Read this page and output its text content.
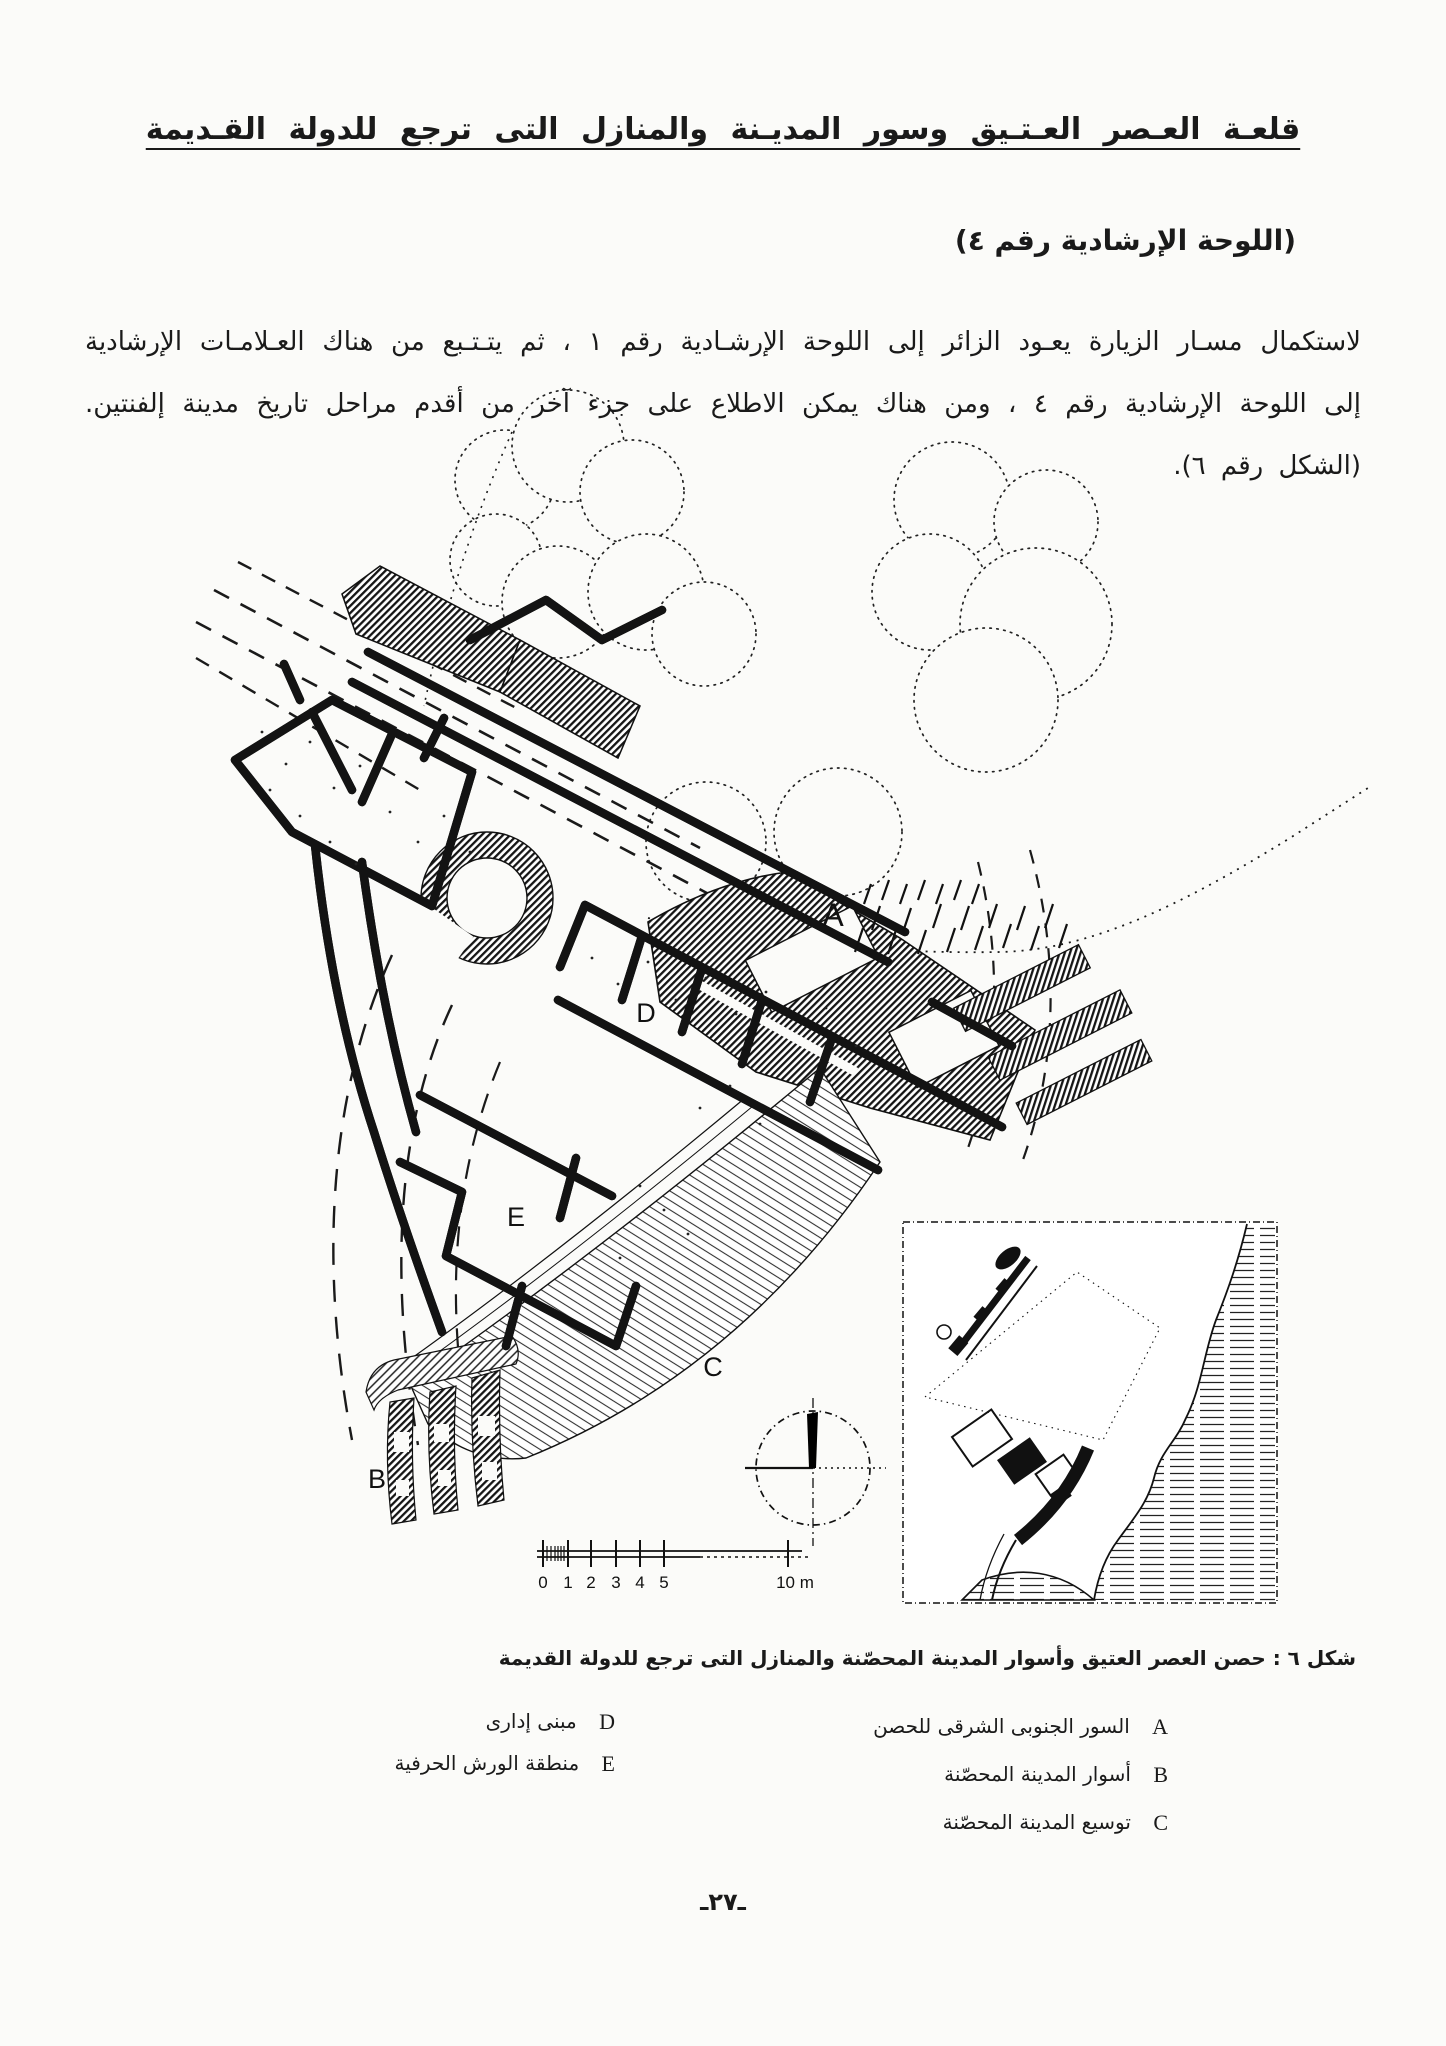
A
D
E
C
B
0 1 2 3 4 5	10 m
قلعـة العـصر العـتـيق وسور المديـنة والمنازل التى ترجع للدولة القـديمة
(اللوحة الإرشادية رقم ٤)
لاستكمال مسـار الزيارة يعـود الزائر إلى اللوحة الإرشـادية رقم ١ ، ثم يتـتـبع من هناك العـلامـات الإرشادية إلى اللوحة الإرشادية رقم ٤ ، ومن هناك يمكن الاطلاع على جزء آخر من أقدم مراحل تاريخ مدينة إلفنتين. (الشكل رقم ٦).
شكل ٦ : حصن العصر العتيق وأسوار المدينة المحصّنة والمنازل التى ترجع للدولة القديمة
A السور الجنوبى الشرقى للحصن
B أسوار المدينة المحصّنة
C توسيع المدينة المحصّنة
D مبنى إدارى
E منطقة الورش الحرفية
ـ٢٧ـ
